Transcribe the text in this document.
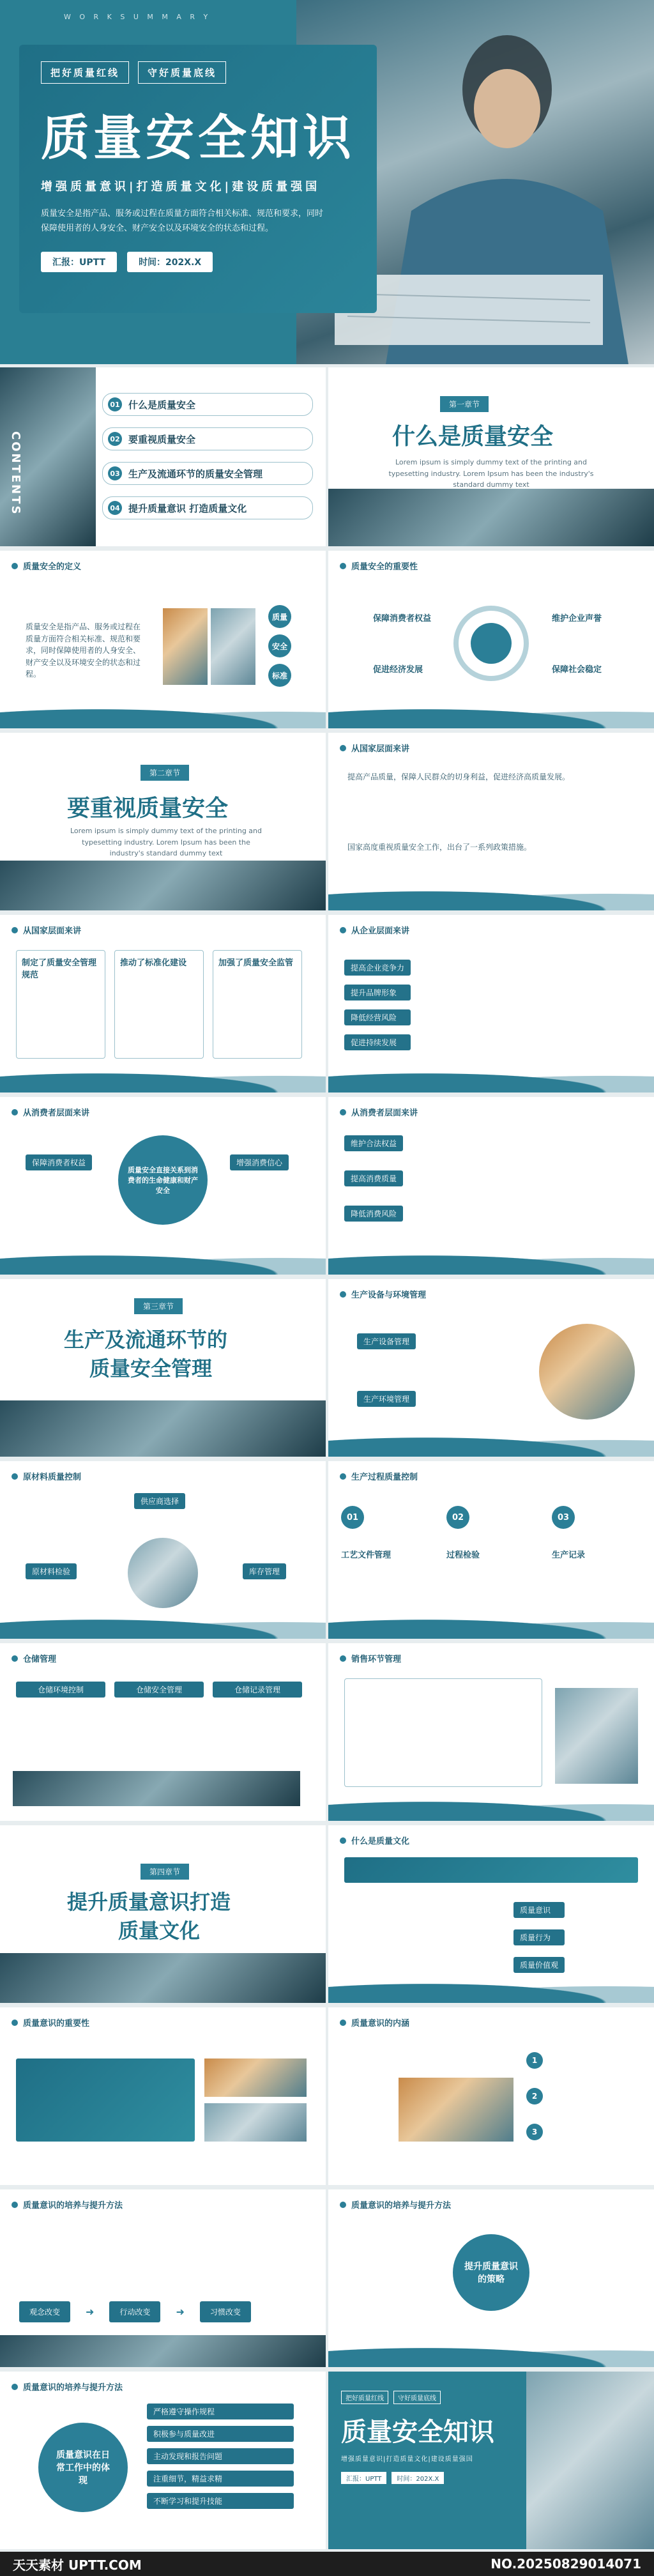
W O R K S U M M A R Y
把好质量红线	守好质量底线
质量安全知识
增强质量意识|打造质量文化|建设质量强国
质量安全是指产品、服务或过程在质量方面符合相关标准、规范和要求，同时保障使用者的人身安全、财产安全以及环境安全的状态和过程。
汇报：UPTT	时间：202X.X
CONTENTS
01 什么是质量安全
02 要重视质量安全
03 生产及流通环节的质量安全管理
04 提升质量意识 打造质量文化
第一章节
什么是质量安全
Lorem ipsum is simply dummy text of the printing and typesetting industry. Lorem Ipsum has been the industry's standard dummy text
质量安全的定义
质量安全是指产品、服务或过程在质量方面符合相关标准、规范和要求，同时保障使用者的人身安全、财产安全以及环境安全的状态和过程。
质量
安全
标准
质量安全的重要性
保障消费者权益	维护企业声誉
促进经济发展	保障社会稳定
第二章节
要重视质量安全
Lorem ipsum is simply dummy text of the printing and typesetting industry. Lorem Ipsum has been the industry's standard dummy text
从国家层面来讲
提高产品质量，保障人民群众的切身利益，促进经济高质量发展。
国家高度重视质量安全工作，出台了一系列政策措施。
从国家层面来讲
制定了质量安全管理规范
推动了标准化建设	加强了质量安全监管
从企业层面来讲
提高企业竞争力
提升品牌形象
降低经营风险
促进持续发展
从消费者层面来讲
保障消费者权益
质量安全直接关系到消费者的生命健康和财产安全
增强消费信心
从消费者层面来讲
维护合法权益
提高消费质量
降低消费风险
第三章节
生产及流通环节的
质量安全管理
生产设备与环境管理
生产设备管理
生产环境管理
原材料质量控制
供应商选择
原材料检验	库存管理
生产过程质量控制
01
工艺文件管理
02
过程检验
03
生产记录
仓储管理
仓储环境控制	仓储安全管理	仓储记录管理
销售环节管理
第四章节
提升质量意识打造
质量文化
什么是质量文化
质量意识
质量行为
质量价值观
质量意识的重要性	质量意识的内涵
1
2
3
质量意识的培养与提升方法
观念改变	➜	行动改变	➜	习惯改变
质量意识的培养与提升方法
提升质量意识的策略
质量意识的培养与提升方法
质量意识在日常工作中的体现
严格遵守操作规程
积极参与质量改进
主动发现和报告问题
注重细节，精益求精
不断学习和提升技能
把好质量红线	守好质量底线
质量安全知识
增强质量意识|打造质量文化|建设质量强国
汇报：UPTT	时间：202X.X
天天素材 UPTT.COM	NO.20250829014071
